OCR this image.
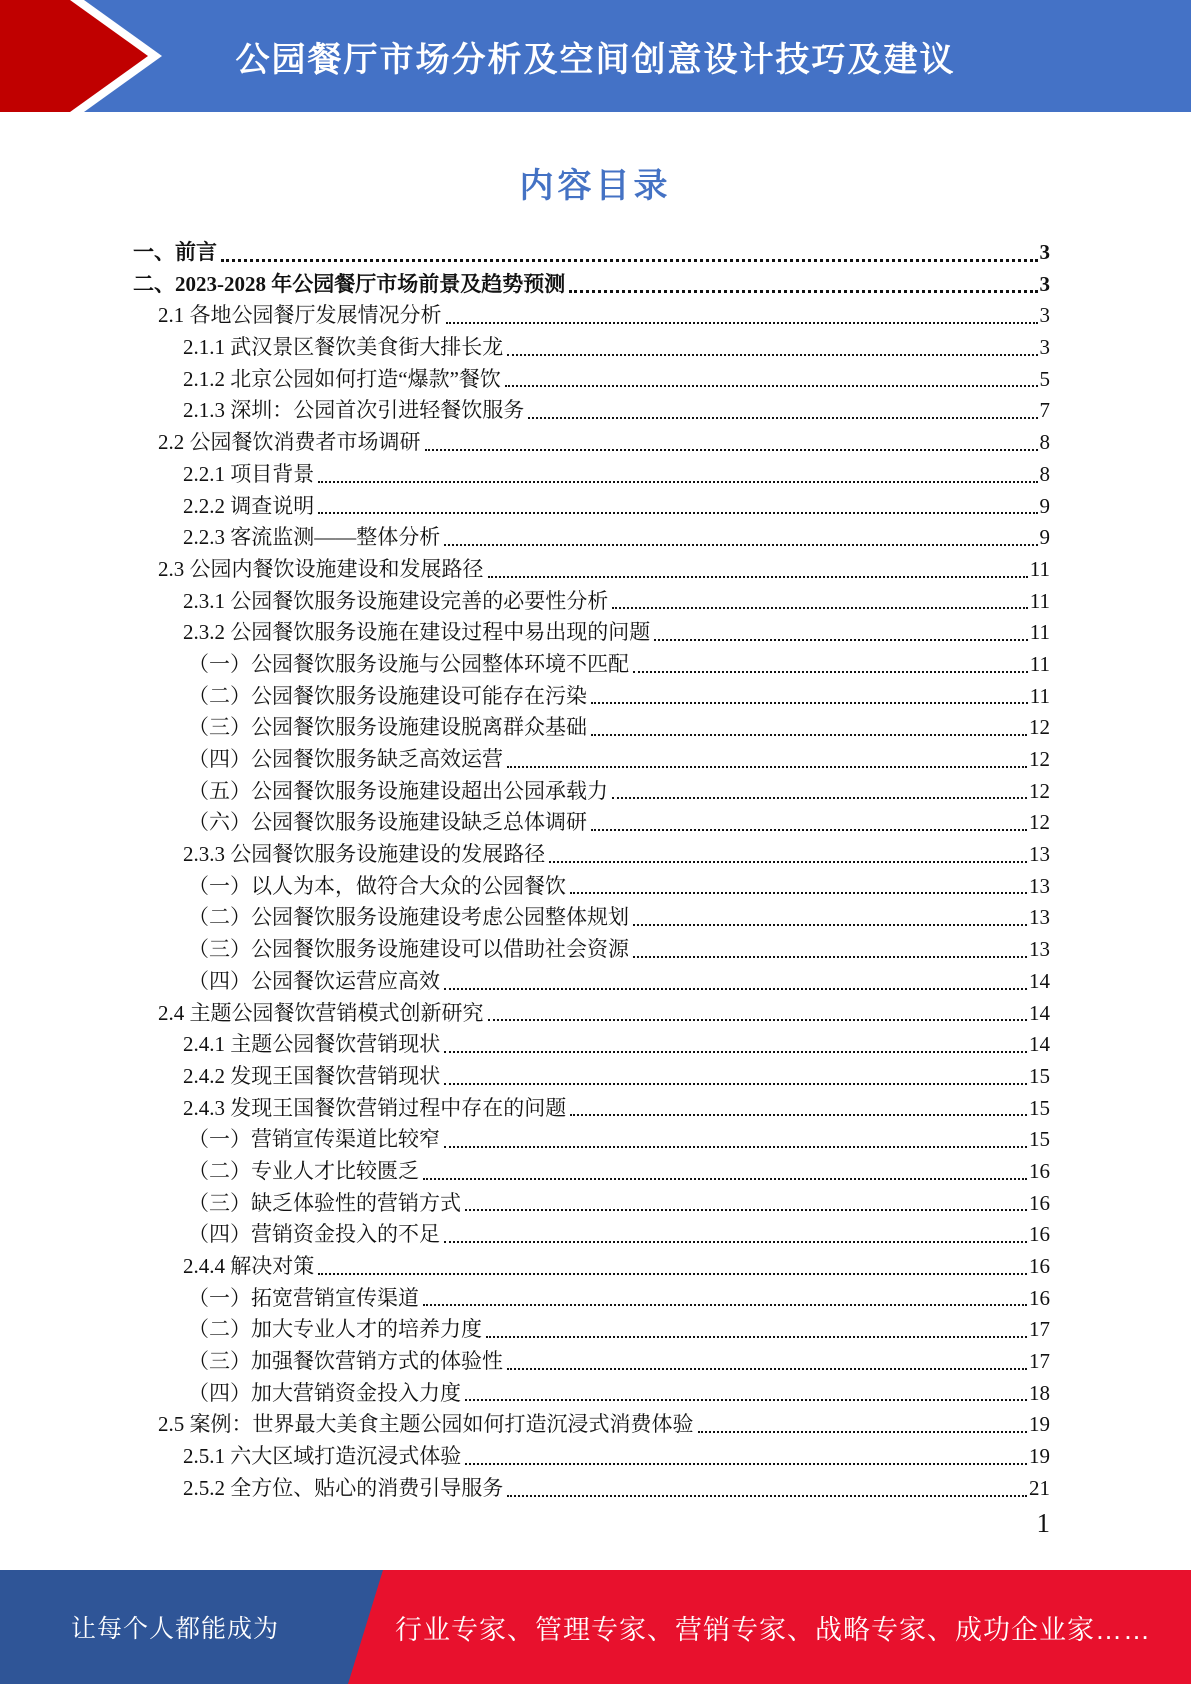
公园餐厅市场分析及空间创意设计技巧及建议
内容目录
一、前言	3
二、2023-2028 年公园餐厅市场前景及趋势预测	3
2.1 各地公园餐厅发展情况分析	3
2.1.1 武汉景区餐饮美食街大排长龙	3
2.1.2 北京公园如何打造“爆款”餐饮	5
2.1.3 深圳：公园首次引进轻餐饮服务	7
2.2 公园餐饮消费者市场调研	8
2.2.1 项目背景	8
2.2.2 调查说明	9
2.2.3 客流监测——整体分析	9
2.3 公园内餐饮设施建设和发展路径	11
2.3.1 公园餐饮服务设施建设完善的必要性分析	11
2.3.2 公园餐饮服务设施在建设过程中易出现的问题	11
（一）公园餐饮服务设施与公园整体环境不匹配	11
（二）公园餐饮服务设施建设可能存在污染	11
（三）公园餐饮服务设施建设脱离群众基础	12
（四）公园餐饮服务缺乏高效运营	12
（五）公园餐饮服务设施建设超出公园承载力	12
（六）公园餐饮服务设施建设缺乏总体调研	12
2.3.3 公园餐饮服务设施建设的发展路径	13
（一）以人为本，做符合大众的公园餐饮	13
（二）公园餐饮服务设施建设考虑公园整体规划	13
（三）公园餐饮服务设施建设可以借助社会资源	13
（四）公园餐饮运营应高效	14
2.4 主题公园餐饮营销模式创新研究	14
2.4.1 主题公园餐饮营销现状	14
2.4.2 发现王国餐饮营销现状	15
2.4.3 发现王国餐饮营销过程中存在的问题	15
（一）营销宣传渠道比较窄	15
（二）专业人才比较匮乏	16
（三）缺乏体验性的营销方式	16
（四）营销资金投入的不足	16
2.4.4 解决对策	16
（一）拓宽营销宣传渠道	16
（二）加大专业人才的培养力度	17
（三）加强餐饮营销方式的体验性	17
（四）加大营销资金投入力度	18
2.5 案例：世界最大美食主题公园如何打造沉浸式消费体验	19
2.5.1 六大区域打造沉浸式体验	19
2.5.2 全方位、贴心的消费引导服务	21
1
让每个人都能成为	行业专家、管理专家、营销专家、战略专家、成功企业家……
